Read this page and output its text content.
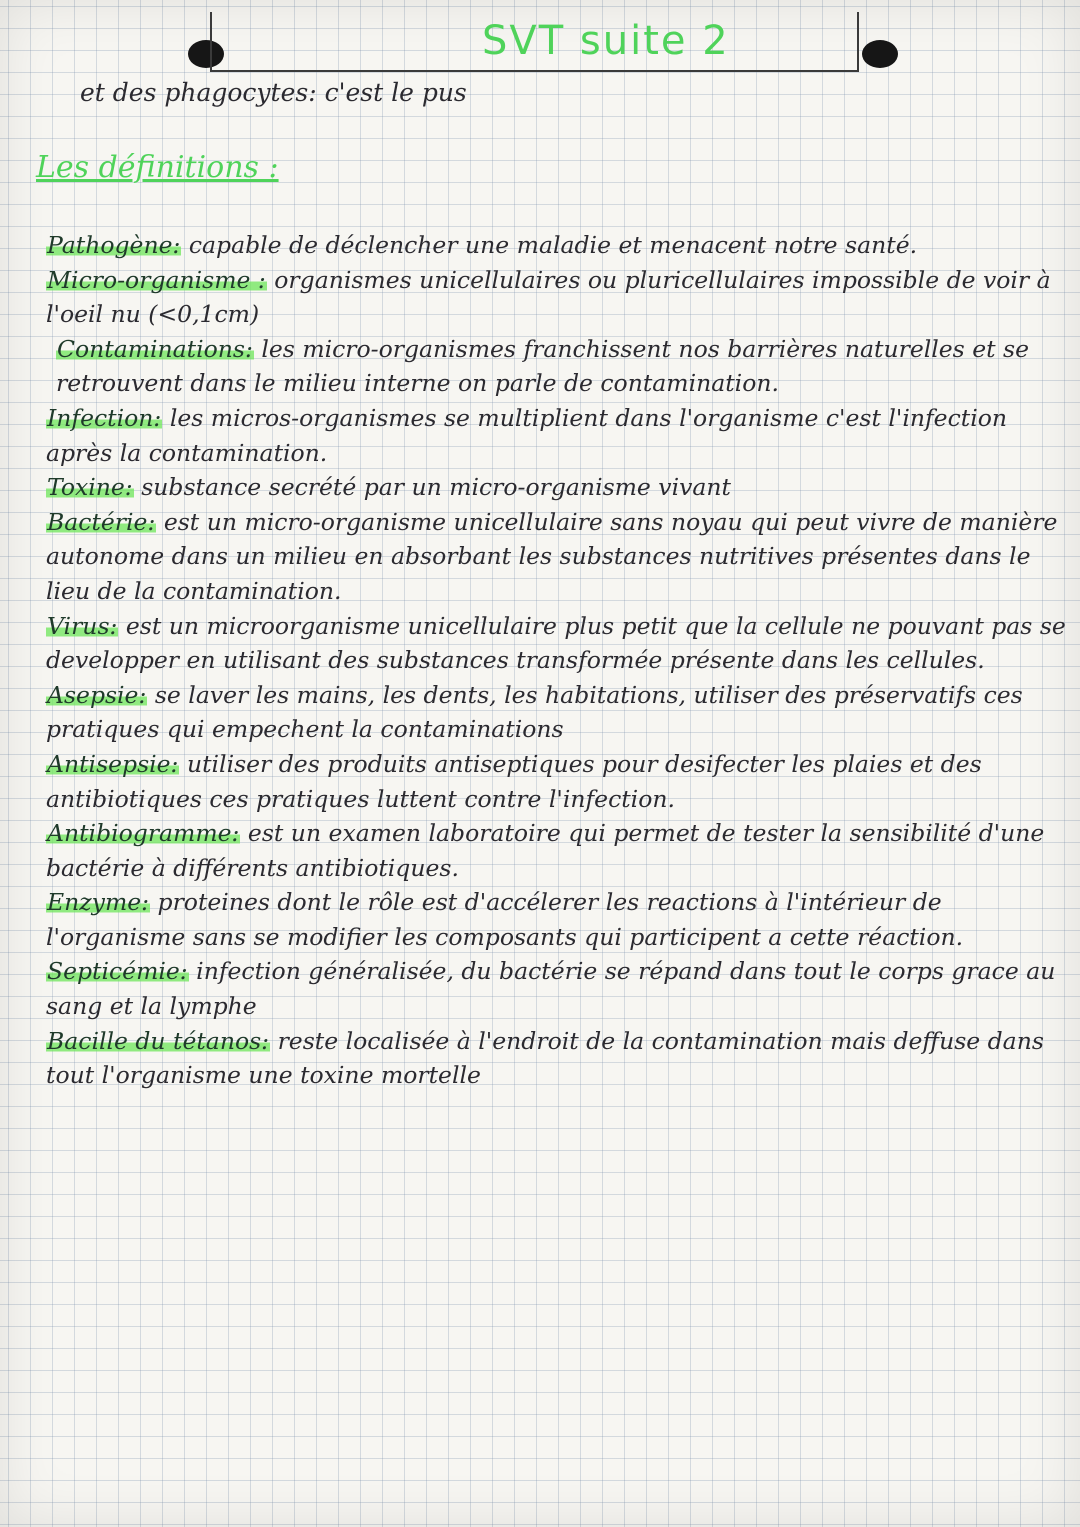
SVT suite 2
et des phagocytes: c'est le pus
Les définitions :

Pathogène: capable de déclencher une maladie et menacent notre santé.

Micro-organisme : organismes unicellulaires ou pluricellulaires impossible de voir à l'oeil nu (<0,1cm)

Contaminations: les micro-organismes franchissent nos barrières naturelles et se retrouvent dans le milieu interne on parle de contamination.

Infection: les micros-organismes se multiplient dans l'organisme c'est l'infection après la contamination.

Toxine: substance secrété par un micro-organisme vivant

Bactérie: est un micro-organisme unicellulaire sans noyau qui peut vivre de manière autonome dans un milieu en absorbant les substances nutritives présentes dans le lieu de la contamination.

Virus: est un microorganisme unicellulaire plus petit que la cellule ne pouvant pas se developper en utilisant des substances transformée présente dans les cellules.

Asepsie: se laver les mains, les dents, les habitations, utiliser des préservatifs ces pratiques qui empechent la contaminations

Antisepsie: utiliser des produits antiseptiques pour desifecter les plaies et des antibiotiques ces pratiques luttent contre l'infection.

Antibiogramme: est un examen laboratoire qui permet de tester la sensibilité d'une bactérie à différents antibiotiques.

Enzyme: proteines dont le rôle est d'accélerer les reactions à l'intérieur de l'organisme sans se modifier les composants qui participent a cette réaction.

Septicémie: infection généralisée, du bactérie se répand dans tout le corps grace au sang et la lymphe

Bacille du tétanos: reste localisée à l'endroit de la contamination mais deffuse dans tout l'organisme une toxine mortelle
